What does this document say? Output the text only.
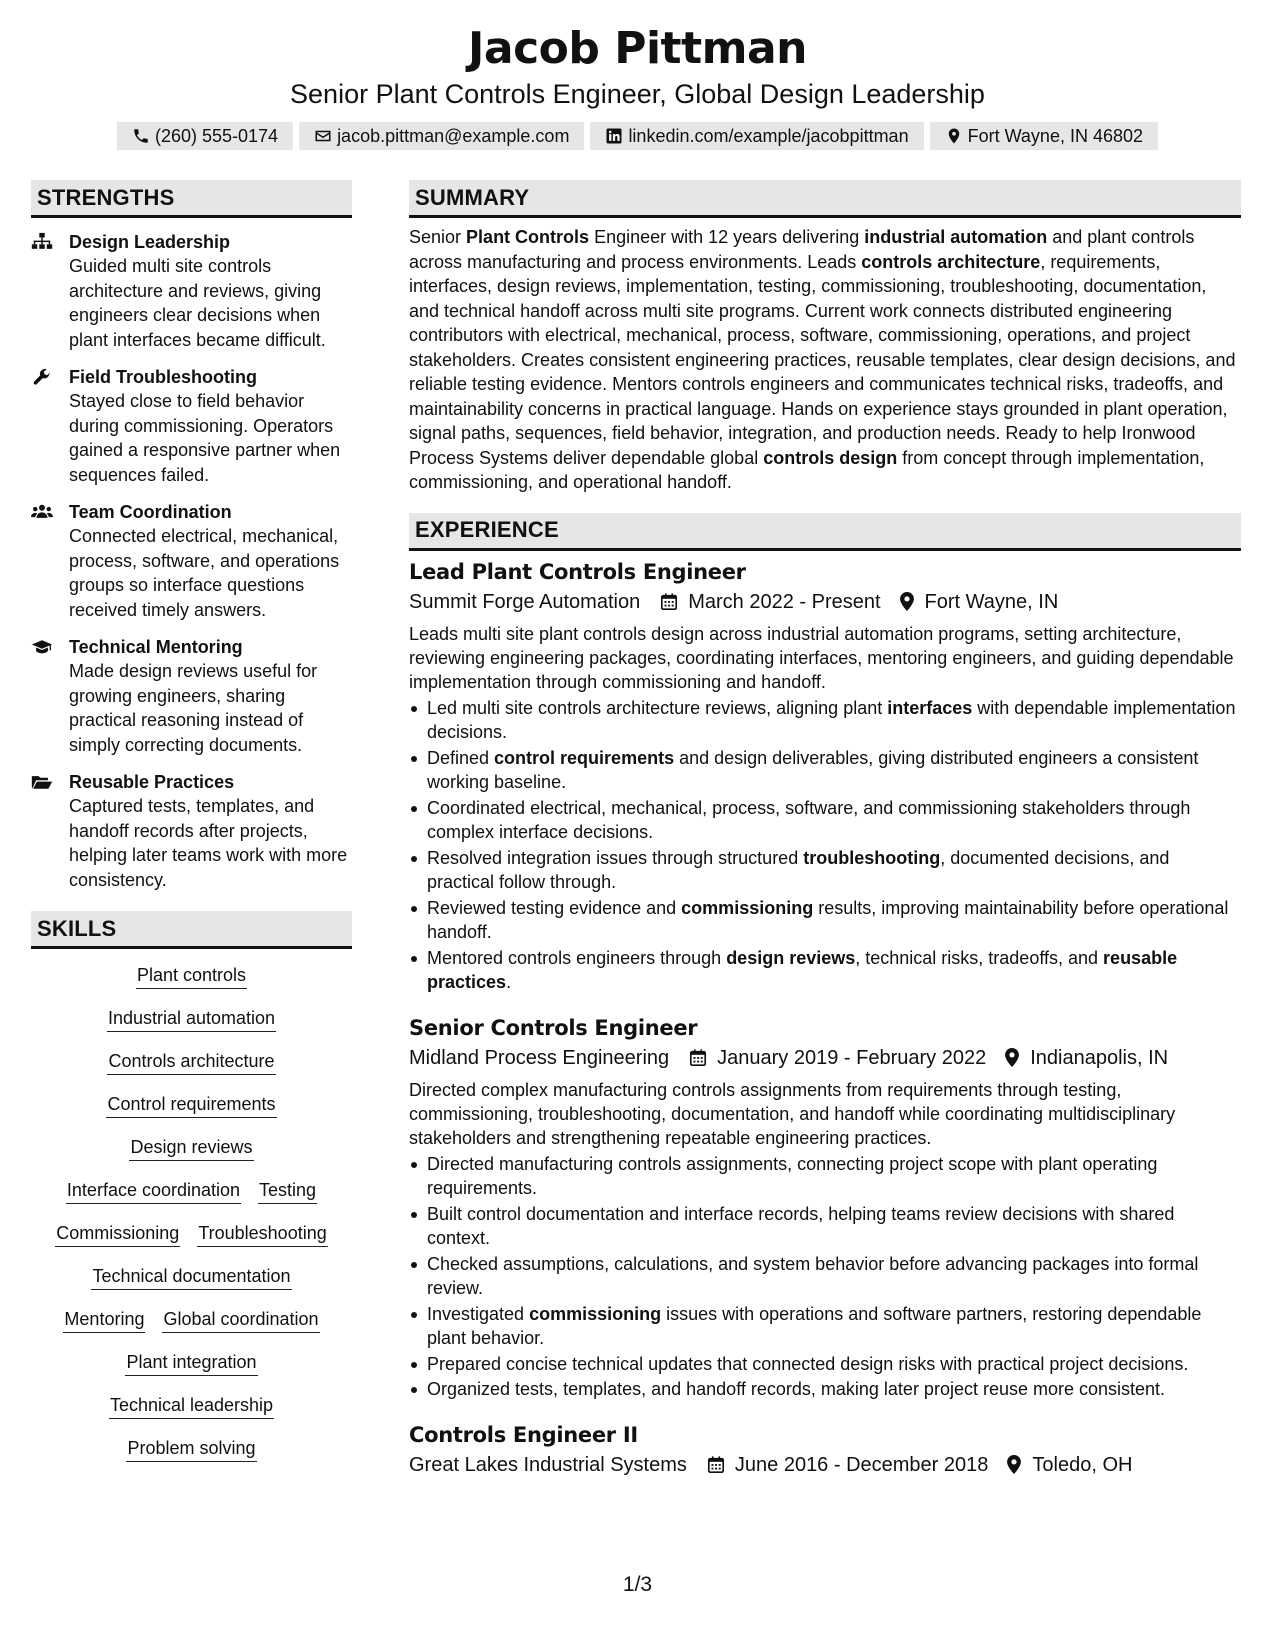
Jacob Pittman
Senior Plant Controls Engineer, Global Design Leadership
(260) 555-0174	jacob.pittman@example.com	linkedin.com/example/jacobpittman	Fort Wayne, IN 46802
STRENGTHS
Design Leadership
Guided multi site controls architecture and reviews, giving engineers clear decisions when plant interfaces became difficult.
Field Troubleshooting
Stayed close to field behavior during commissioning. Operators gained a responsive partner when sequences failed.
Team Coordination
Connected electrical, mechanical, process, software, and operations groups so interface questions received timely answers.
Technical Mentoring
Made design reviews useful for growing engineers, sharing practical reasoning instead of simply correcting documents.
Reusable Practices
Captured tests, templates, and handoff records after projects, helping later teams work with more consistency.
SKILLS
Plant controls
Industrial automation
Controls architecture
Control requirements
Design reviews
Interface coordination Testing
Commissioning Troubleshooting
Technical documentation
Mentoring Global coordination
Plant integration
Technical leadership
Problem solving
SUMMARY
Senior Plant Controls Engineer with 12 years delivering industrial automation and plant controls across manufacturing and process environments. Leads controls architecture, requirements, interfaces, design reviews, implementation, testing, commissioning, troubleshooting, documentation, and technical handoff across multi site programs. Current work connects distributed engineering contributors with electrical, mechanical, process, software, commissioning, operations, and project stakeholders. Creates consistent engineering practices, reusable templates, clear design decisions, and reliable testing evidence. Mentors controls engineers and communicates technical risks, tradeoffs, and maintainability concerns in practical language. Hands on experience stays grounded in plant operation, signal paths, sequences, field behavior, integration, and production needs. Ready to help Ironwood Process Systems deliver dependable global controls design from concept through implementation, commissioning, and operational handoff.
EXPERIENCE
Lead Plant Controls Engineer
Summit Forge Automation March 2022 - Present Fort Wayne, IN
Leads multi site plant controls design across industrial automation programs, setting architecture, reviewing engineering packages, coordinating interfaces, mentoring engineers, and guiding dependable implementation through commissioning and handoff.
Led multi site controls architecture reviews, aligning plant interfaces with dependable implementation decisions.
Defined control requirements and design deliverables, giving distributed engineers a consistent working baseline.
Coordinated electrical, mechanical, process, software, and commissioning stakeholders through complex interface decisions.
Resolved integration issues through structured troubleshooting, documented decisions, and practical follow through.
Reviewed testing evidence and commissioning results, improving maintainability before operational handoff.
Mentored controls engineers through design reviews, technical risks, tradeoffs, and reusable practices.
Senior Controls Engineer
Midland Process Engineering January 2019 - February 2022 Indianapolis, IN
Directed complex manufacturing controls assignments from requirements through testing, commissioning, troubleshooting, documentation, and handoff while coordinating multidisciplinary stakeholders and strengthening repeatable engineering practices.
Directed manufacturing controls assignments, connecting project scope with plant operating requirements.
Built control documentation and interface records, helping teams review decisions with shared context.
Checked assumptions, calculations, and system behavior before advancing packages into formal review.
Investigated commissioning issues with operations and software partners, restoring dependable plant behavior.
Prepared concise technical updates that connected design risks with practical project decisions.
Organized tests, templates, and handoff records, making later project reuse more consistent.
Controls Engineer II
Great Lakes Industrial Systems June 2016 - December 2018 Toledo, OH
1/3
